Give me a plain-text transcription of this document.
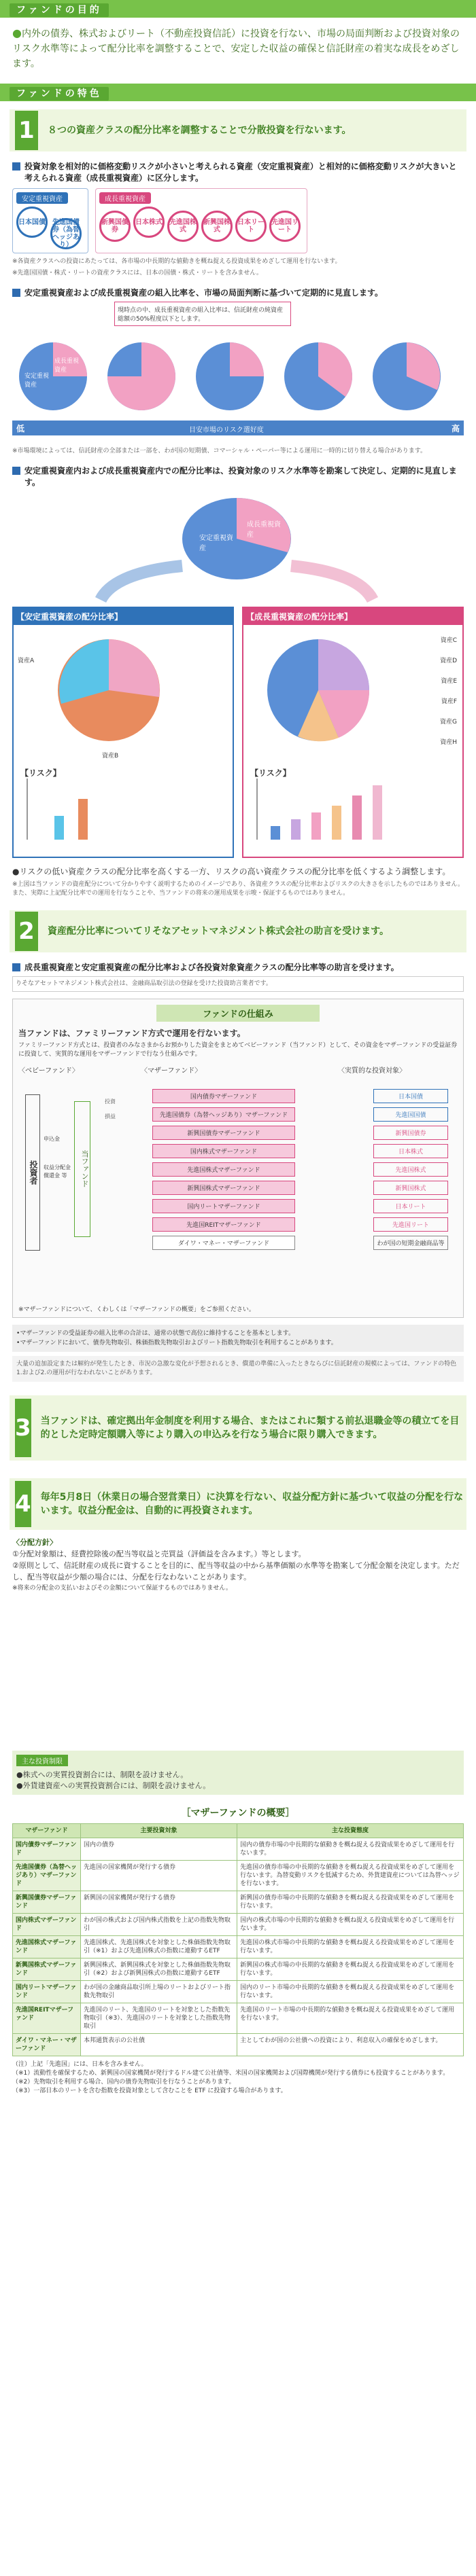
ファンドの目的
●内外の債券、株式およびリート（不動産投資信託）に投資を行ない、市場の局面判断および投資対象のリスク水準等によって配分比率を調整することで、安定した収益の確保と信託財産の着実な成長をめざします。
ファンドの特色
1	８つの資産クラスの配分比率を調整することで分散投資を行ないます。
投資対象を相対的に価格変動リスクが小さいと考えられる資産（安定重視資産）と相対的に価格変動リスクが大きいと考えられる資産（成長重視資産）に区分します。
安定重視資産
日本国債 先進国債券（為替ヘッジあり）
成長重視資産
新興国債券日本株式 先進国株式新興国株式日本リート先進国リート
※各資産クラスへの投資にあたっては、各市場の中長期的な値動きを概ね捉える投資成果をめざして運用を行ないます。
※先進国国債・株式・リートの資産クラスには、日本の国債・株式・リートを含みません。
安定重視資産および成長重視資産の組入比率を、市場の局面判断に基づいて定期的に見直します。
現時点の中、成長重視資産の組入比率は、信託財産の純資産総額の50%程度以下とします。
安定重視資産
成長重視資産
低	目安市場のリスク選好度	高
※市場環境によっては、信託財産の全部または一部を、わが国の短期債、コマーシャル・ペーパー等による運用に一時的に切り替える場合があります。
安定重視資産内および成長重視資産内での配分比率は、投資対象のリスク水準等を勘案して決定し、定期的に見直します。
安定重視資産
成長重視資産
【安定重視資産の配分比率】
資産A
資産B
【リスク】
【成長重視資産の配分比率】
資産C
資産D
資産E
資産F
資産G
資産H
【リスク】
●リスクの低い資産クラスの配分比率を高くする一方、リスクの高い資産クラスの配分比率を低くするよう調整します。
※上図は当ファンドの資産配分について分かりやすく説明するためのイメージであり、各資産クラスの配分比率およびリスクの大きさを示したものではありません。また、実際に上記配分比率での運用を行なうことや、当ファンドの将来の運用成果を示唆・保証するものではありません。
2	資産配分比率についてリそなアセットマネジメント株式会社の助言を受けます。
成長重視資産と安定重視資産の配分比率および各投資対象資産クラスの配分比率等の助言を受けます。
りそなアセットマネジメント株式会社は、金融商品取引法の登録を受けた投資助言業者です。
ファンドの仕組み
当ファンドは、ファミリーファンド方式で運用を行ないます。
ファミリーファンド方式とは、投資者のみなさまからお預かりした資金をまとめてベビーファンド（当ファンド）として、その資金をマザーファンドの受益証券に投資して、実質的な運用をマザーファンドで行なう仕組みです。
〈ベビーファンド〉	〈マザーファンド〉	〈実質的な投資対象〉
投資者	当ファンド
国内債券マザーファンド
先進国債券（為替ヘッジあり）マザーファンド
新興国債券マザーファンド
国内株式マザーファンド
先進国株式マザーファンド
新興国株式マザーファンド
国内リートマザーファンド
先進国REITマザーファンド
ダイワ・マネー・マザーファンド
日本国債
先進国国債
新興国債券
日本株式
先進国株式
新興国株式
日本リート
先進国リート
わが国の短期金融商品等
申込金
収益分配金
償還金 等
投資
損益
※マザーファンドについて、くわしくは「マザーファンドの概要」をご参照ください。
•マザーファンドの受益証券の組入比率の合計は、通常の状態で高位に維持することを基本とします。
•マザーファンドにおいて、債券先物取引、株価指数先物取引およびリート指数先物取引を利用することがあります。
大量の追加設定または解約が発生したとき、市況の急激な変化が予想されるとき、償還の準備に入ったときならびに信託財産の規模によっては、ファンドの特色1.および2.の運用が行なわれないことがあります。
3 当ファンドは、確定拠出年金制度を利用する場合、またはこれに類する前払退職金等の積立てを目的とした定時定額購入等により購入の申込みを行なう場合に限り購入できます。
4 毎年5月8日（休業日の場合翌営業日）に決算を行ない、収益分配方針に基づいて収益の分配を行ないます。収益分配金は、自動的に再投資されます。
〈分配方針〉
①分配対象額は、経費控除後の配当等収益と売買益（評価益を含みます。）等とします。
②原則として、信託財産の成長に資することを目的に、配当等収益の中から基準価額の水準等を勘案して分配金額を決定します。ただし、配当等収益が少額の場合には、分配を行なわないことがあります。
※将来の分配金の支払いおよびその金額について保証するものではありません。
主な投資制限
●株式への実質投資割合には、制限を設けません。
●外貨建資産への実質投資割合には、制限を設けません。
［マザーファンドの概要］
マザーファンド	主要投資対象	主な投資態度
国内債券マザーファンド	国内の債券	国内の債券市場の中長期的な値動きを概ね捉える投資成果をめざして運用を行ないます。
先進国債券（為替ヘッジあり）マザーファンド	先進国の国家機関が発行する債券	先進国の債券市場の中長期的な値動きを概ね捉える投資成果をめざして運用を行ないます。為替変動リスクを低減するため、外貨建資産については為替ヘッジを行ないます。
新興国債券マザーファンド	新興国の国家機関が発行する債券	新興国の債券市場の中長期的な値動きを概ね捉える投資成果をめざして運用を行ないます。
国内株式マザーファンド	わが国の株式および国内株式指数を上記の指数先物取引	国内の株式市場の中長期的な値動きを概ね捉える投資成果をめざして運用を行ないます。
先進国株式マザーファンド	先進国株式、先進国株式を対象とした株価指数先物取引（※1）および先進国株式の指数に連動するETF	先進国の株式市場の中長期的な値動きを概ね捉える投資成果をめざして運用を行ないます。
新興国株式マザーファンド	新興国株式、新興国株式を対象とした株価指数先物取引（※2）および新興国株式の指数に連動するETF	新興国の株式市場の中長期的な値動きを概ね捉える投資成果をめざして運用を行ないます。
国内リートマザーファンド	わが国の金融商品取引所上場のリートおよびリート指数先物取引	国内のリート市場の中長期的な値動きを概ね捉える投資成果をめざして運用を行ないます。
先進国REITマザーファンド	先進国のリート、先進国のリートを対象とした指数先物取引（※3）、先進国のリートを対象とした指数先物取引	先進国のリート市場の中長期的な値動きを概ね捉える投資成果をめざして運用を行ないます。
ダイワ・マネー・マザーファンド	本邦通貨表示の公社債	主としてわが国の公社債への投資により、利息収入の確保をめざします。
（注）上記「先進国」には、日本を含みません。
（※1）流動性を確保するため、新興国の国家機関が発行するドル建て公社債等、米国の国家機関および国際機関が発行する債券にも投資することがあります。
（※2）先物取引を利用する場合、国内の債券先物取引を行なうことがあります。
（※3）一部日本のリートを含む指数を投資対象として含むことを ETF に投資する場合があります。
